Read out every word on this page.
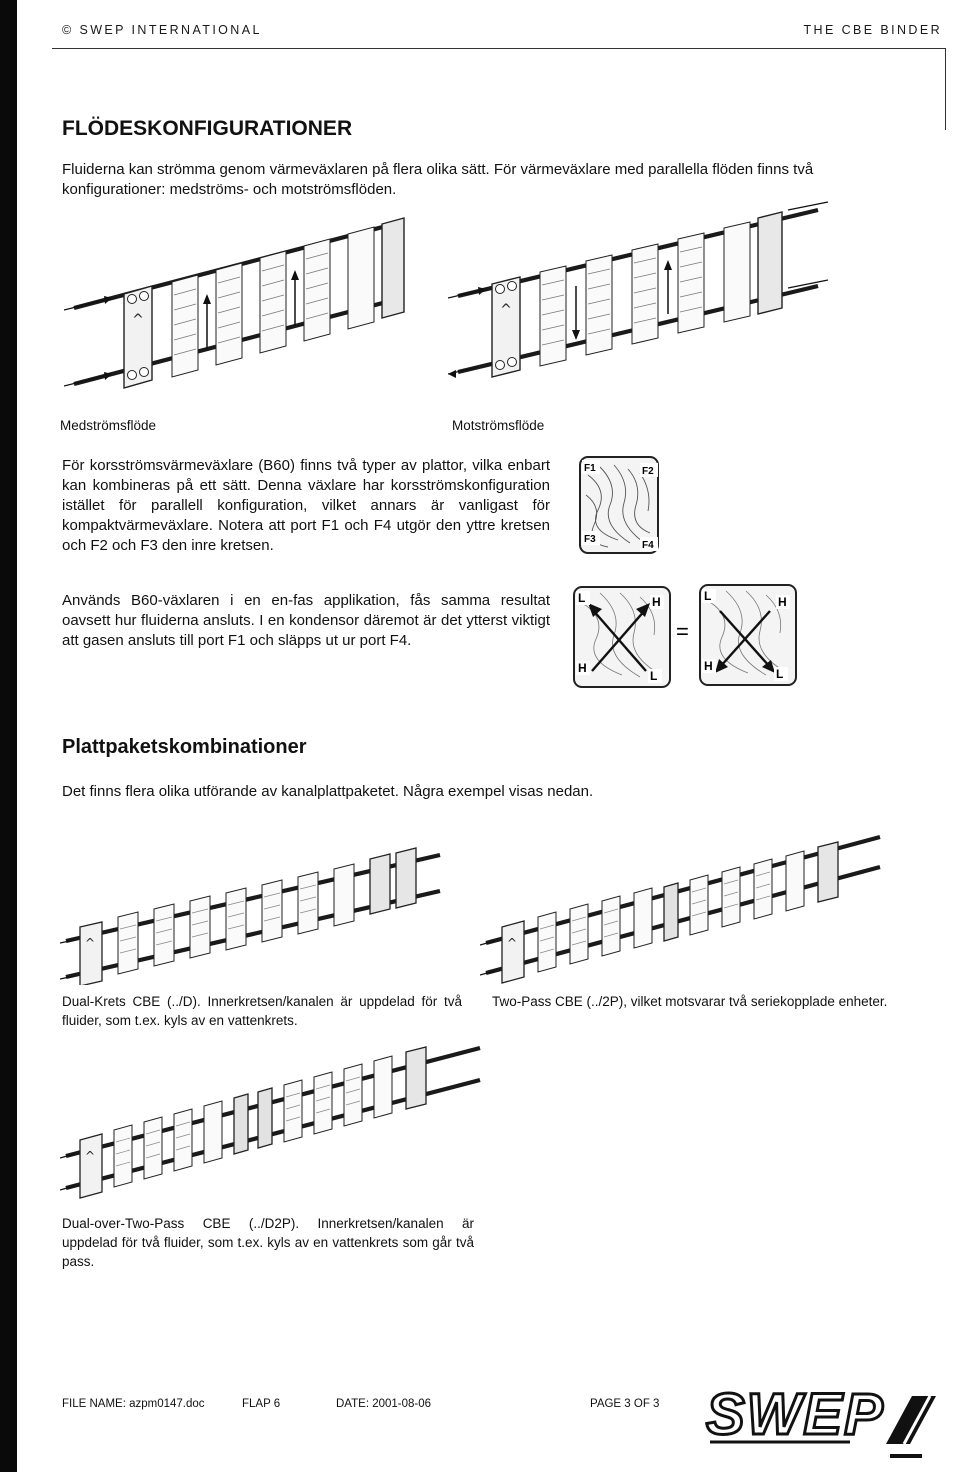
© SWEP INTERNATIONAL	THE CBE BINDER
FLÖDESKONFIGURATIONER

Fluiderna kan strömma genom värmeväxlaren på flera olika sätt. För värmeväxlare med parallella flöden finns två konfigurationer: medströms- och motströmsflöden.

^
^
Medströmsflöde	Motströmsflöde

För korsströmsvärmeväxlare (B60) finns två typer av plattor, vilka enbart kan kombineras på ett sätt. Denna växlare har korsströmskonfiguration istället för parallell konfiguration, vilket annars är vanligast för kompaktvärmeväxlare. Notera att port F1 och F4 utgör den yttre kretsen och F2 och F3 den inre kretsen.

F1	F2
F3
F4

Används B60-växlaren i en en-fas applikation, fås samma resultat oavsett hur fluiderna ansluts. I en kondensor däremot är det ytterst viktigt att gasen ansluts till port F1 och släpps ut ur port F4.

L	H
H
L
=
L	H
H
L
Plattpaketskombinationer

Det finns flera olika utförande av kanalplattpaketet. Några exempel visas nedan.

^	^

Dual-Krets CBE (../D). Innerkretsen/kanalen är uppdelad för två fluider, som t.ex. kyls av en vattenkrets.

Two-Pass CBE (../2P), vilket motsvarar två seriekopplade enheter.

^

Dual-over-Two-Pass CBE (../D2P). Innerkretsen/kanalen är uppdelad för två fluider, som t.ex. kyls av en vattenkrets som går två pass.

FILE NAME: azpm0147.doc	FLAP 6	DATE: 2001-08-06	PAGE 3 OF 3 SWEP
